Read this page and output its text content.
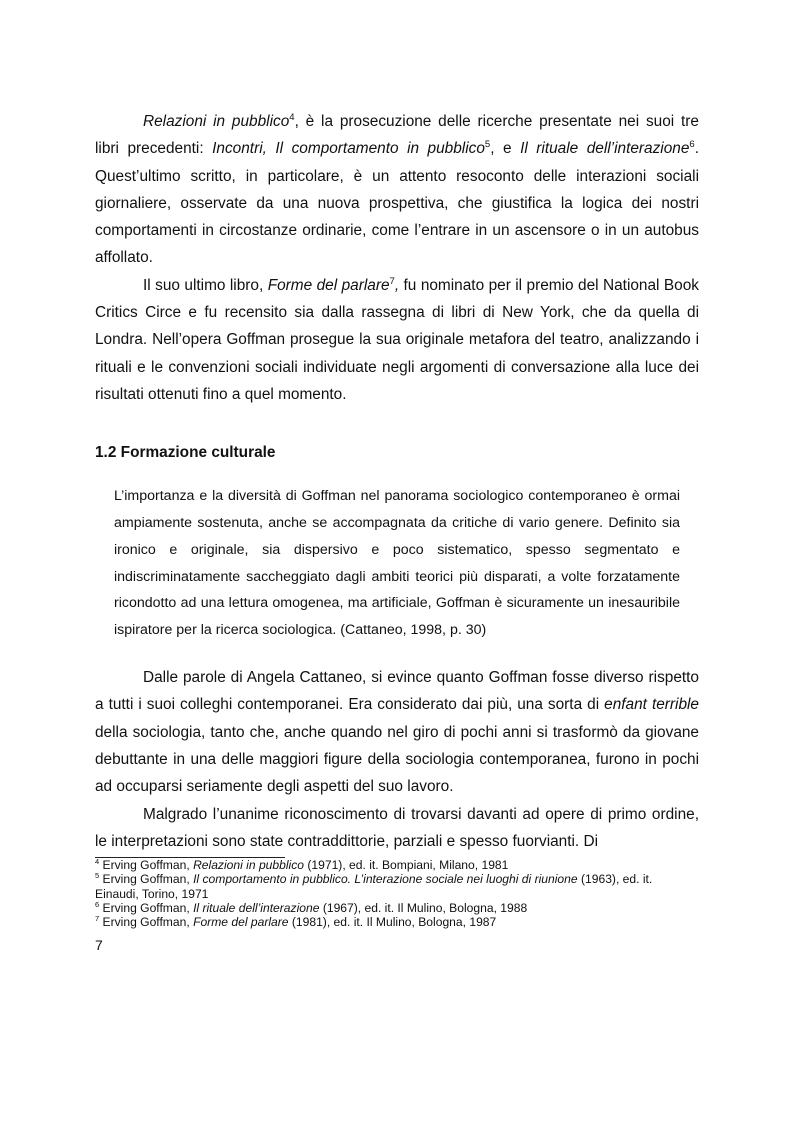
Relazioni in pubblico$^4$, è la prosecuzione delle ricerche presentate nei suoi tre libri precedenti: Incontri, Il comportamento in pubblico$^5$, e Il rituale dell’interazione$^6$. Quest’ultimo scritto, in particolare, è un attento resoconto delle interazioni sociali giornaliere, osservate da una nuova prospettiva, che giustifica la logica dei nostri comportamenti in circostanze ordinarie, come l’entrare in un ascensore o in un autobus affollato.

Il suo ultimo libro, Forme del parlare$^7$, fu nominato per il premio del National Book Critics Circe e fu recensito sia dalla rassegna di libri di New York, che da quella di Londra. Nell’opera Goffman prosegue la sua originale metafora del teatro, analizzando i rituali e le convenzioni sociali individuate negli argomenti di conversazione alla luce dei risultati ottenuti fino a quel momento.

1.2 Formazione culturale
L’importanza e la diversità di Goffman nel panorama sociologico contemporaneo è ormai ampiamente sostenuta, anche se accompagnata da critiche di vario genere. Definito sia ironico e originale, sia dispersivo e poco sistematico, spesso segmentato e indiscriminatamente saccheggiato dagli ambiti teorici più disparati, a volte forzatamente ricondotto ad una lettura omogenea, ma artificiale, Goffman è sicuramente un inesauribile ispiratore per la ricerca sociologica. (Cattaneo, 1998, p. 30)

Dalle parole di Angela Cattaneo, si evince quanto Goffman fosse diverso rispetto a tutti i suoi colleghi contemporanei. Era considerato dai più, una sorta di enfant terrible della sociologia, tanto che, anche quando nel giro di pochi anni si trasformò da giovane debuttante in una delle maggiori figure della sociologia contemporanea, furono in pochi ad occuparsi seriamente degli aspetti del suo lavoro.

Malgrado l’unanime riconoscimento di trovarsi davanti ad opere di primo ordine, le interpretazioni sono state contraddittorie, parziali e spesso fuorvianti. Di

$^4$ Erving Goffman, Relazioni in pubblico (1971), ed. it. Bompiani, Milano, 1981

$^5$ Erving Goffman, Il comportamento in pubblico. L’interazione sociale nei luoghi di riunione (1963), ed. it. Einaudi, Torino, 1971

$^6$ Erving Goffman, Il rituale dell’interazione (1967), ed. it. Il Mulino, Bologna, 1988

$^7$ Erving Goffman, Forme del parlare (1981), ed. it. Il Mulino, Bologna, 1987

7
